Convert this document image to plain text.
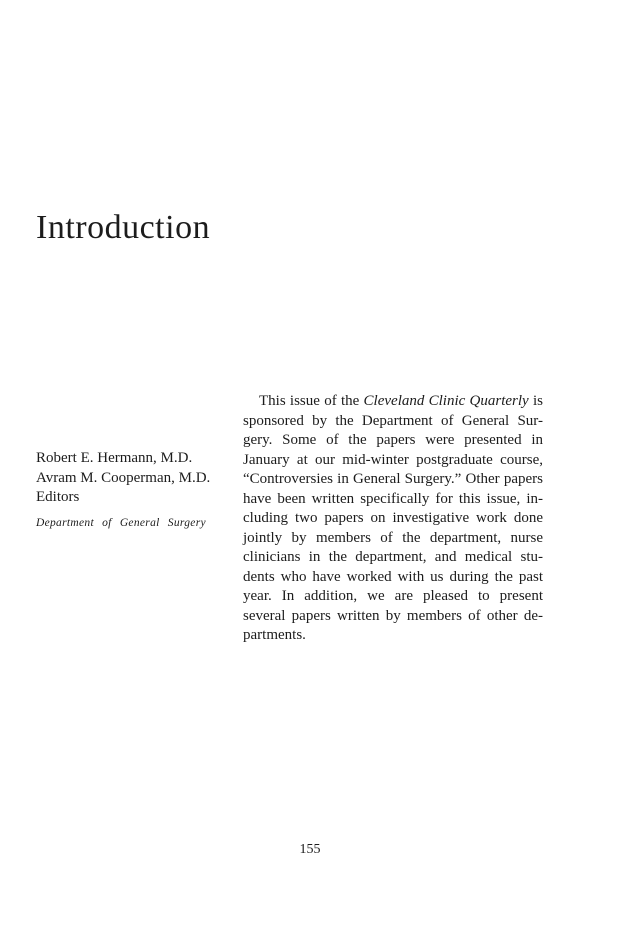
Introduction
Robert E. Hermann, M.D.
Avram M. Cooperman, M.D.
Editors
Department of General Surgery
This issue of the Cleveland Clinic Quarterly is
sponsored by the Department of General Sur-
gery. Some of the papers were presented in
January at our mid-winter postgraduate course,
“Controversies in General Surgery.” Other papers
have been written specifically for this issue, in-
cluding two papers on investigative work done
jointly by members of the department, nurse
clinicians in the department, and medical stu-
dents who have worked with us during the past
year. In addition, we are pleased to present
several papers written by members of other de-
partments.
155
